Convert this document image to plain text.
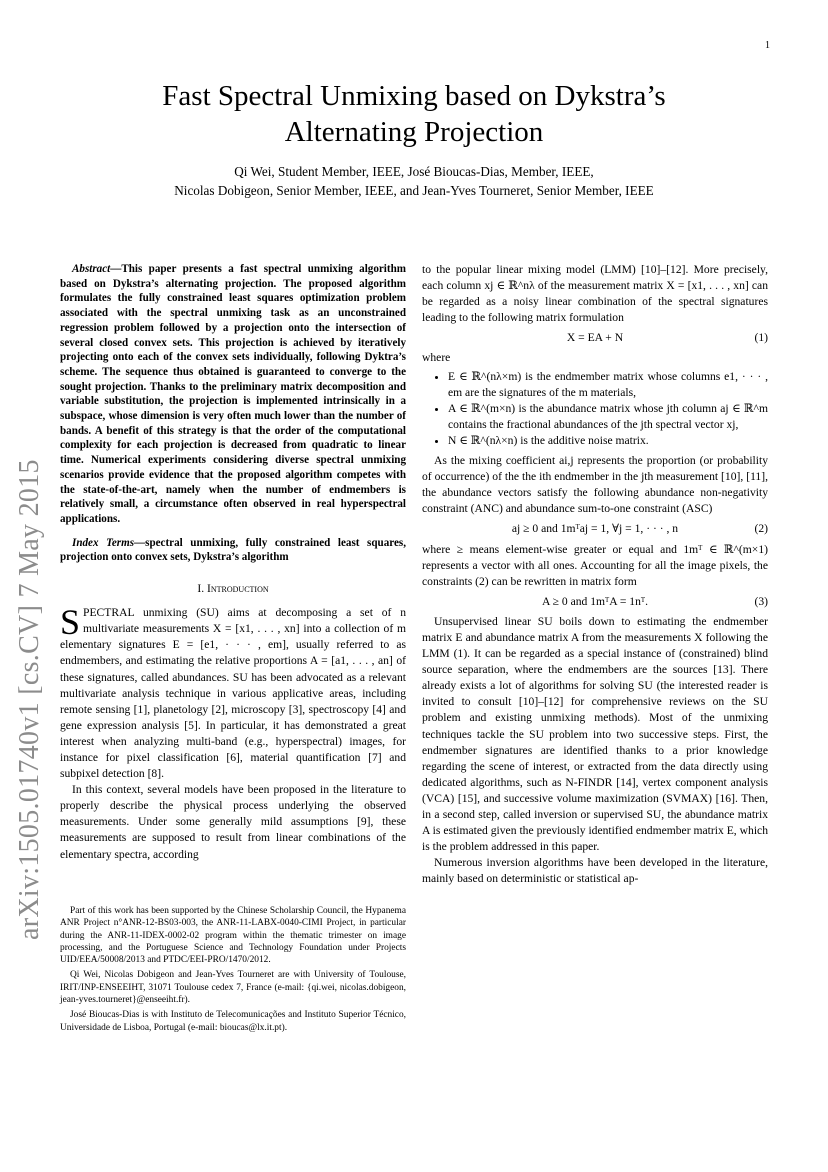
1
arXiv:1505.01740v1 [cs.CV] 7 May 2015
Fast Spectral Unmixing based on Dykstra’s
Alternating Projection
Qi Wei, Student Member, IEEE, José Bioucas-Dias, Member, IEEE,
Nicolas Dobigeon, Senior Member, IEEE, and Jean-Yves Tourneret, Senior Member, IEEE

Abstract—This paper presents a fast spectral unmixing algorithm based on Dykstra’s alternating projection. The proposed algorithm formulates the fully constrained least squares optimization problem associated with the spectral unmixing task as an unconstrained regression problem followed by a projection onto the intersection of several closed convex sets. This projection is achieved by iteratively projecting onto each of the convex sets individually, following Dyktra’s scheme. The sequence thus obtained is guaranteed to converge to the sought projection. Thanks to the preliminary matrix decomposition and variable substitution, the projection is implemented intrinsically in a subspace, whose dimension is very often much lower than the number of bands. A benefit of this strategy is that the order of the computational complexity for each projection is decreased from quadratic to linear time. Numerical experiments considering diverse spectral unmixing scenarios provide evidence that the proposed algorithm competes with the state-of-the-art, namely when the number of endmembers is relatively small, a circumstance often observed in real hyperspectral applications.

Index Terms—spectral unmixing, fully constrained least squares, projection onto convex sets, Dykstra’s algorithm

I. Introduction

SPECTRAL unmixing (SU) aims at decomposing a set of n multivariate measurements X = [x1, . . . , xn] into a collection of m elementary signatures E = [e1, · · · , em], usually referred to as endmembers, and estimating the relative proportions A = [a1, . . . , an] of these signatures, called abundances. SU has been advocated as a relevant multivariate analysis technique in various applicative areas, including remote sensing [1], planetology [2], microscopy [3], spectroscopy [4] and gene expression analysis [5]. In particular, it has demonstrated a great interest when analyzing multi-band (e.g., hyperspectral) images, for instance for pixel classification [6], material quantification [7] and subpixel detection [8].

In this context, several models have been proposed in the literature to properly describe the physical process underlying the observed measurements. Under some generally mild assumptions [9], these measurements are supposed to result from linear combinations of the elementary spectra, according

Part of this work has been supported by the Chinese Scholarship Council, the Hypanema ANR Project n°ANR-12-BS03-003, the ANR-11-LABX-0040-CIMI Project, in particular during the ANR-11-IDEX-0002-02 program within the thematic trimester on image processing, and the Portuguese Science and Technology Foundation under Projects UID/EEA/50008/2013 and PTDC/EEI-PRO/1470/2012.

Qi Wei, Nicolas Dobigeon and Jean-Yves Tourneret are with University of Toulouse, IRIT/INP-ENSEEIHT, 31071 Toulouse cedex 7, France (e-mail: {qi.wei, nicolas.dobigeon, jean-yves.tourneret}@enseeiht.fr).

José Bioucas-Dias is with Instituto de Telecomunicações and Instituto Superior Técnico, Universidade de Lisboa, Portugal (e-mail: bioucas@lx.it.pt).

to the popular linear mixing model (LMM) [10]–[12]. More precisely, each column xj ∈ ℝ^nλ of the measurement matrix X = [x1, . . . , xn] can be regarded as a noisy linear combination of the spectral signatures leading to the following matrix formulation

X = EA + N	(1)

where

• E ∈ ℝ^(nλ×m) is the endmember matrix whose columns e1, · · · , em are the signatures of the m materials,
• A ∈ ℝ^(m×n) is the abundance matrix whose jth column aj ∈ ℝ^m contains the fractional abundances of the jth spectral vector xj,
• N ∈ ℝ^(nλ×n) is the additive noise matrix.

As the mixing coefficient ai,j represents the proportion (or probability of occurrence) of the the ith endmember in the jth measurement [10], [11], the abundance vectors satisfy the following abundance non-negativity constraint (ANC) and abundance sum-to-one constraint (ASC)

aj ≥ 0 and 1mᵀaj = 1, ∀j = 1, · · · , n	(2)

where ≥ means element-wise greater or equal and 1mᵀ ∈ ℝ^(m×1) represents a vector with all ones. Accounting for all the image pixels, the constraints (2) can be rewritten in matrix form

A ≥ 0 and 1mᵀA = 1nᵀ.	(3)

Unsupervised linear SU boils down to estimating the endmember matrix E and abundance matrix A from the measurements X following the LMM (1). It can be regarded as a special instance of (constrained) blind source separation, where the endmembers are the sources [13]. There already exists a lot of algorithms for solving SU (the interested reader is invited to consult [10]–[12] for comprehensive reviews on the SU problem and existing unmixing methods). Most of the unmixing techniques tackle the SU problem into two successive steps. First, the endmember signatures are identified thanks to a prior knowledge regarding the scene of interest, or extracted from the data directly using dedicated algorithms, such as N-FINDR [14], vertex component analysis (VCA) [15], and successive volume maximization (SVMAX) [16]. Then, in a second step, called inversion or supervised SU, the abundance matrix A is estimated given the previously identified endmember matrix E, which is the problem addressed in this paper.

Numerous inversion algorithms have been developed in the literature, mainly based on deterministic or statistical ap-
